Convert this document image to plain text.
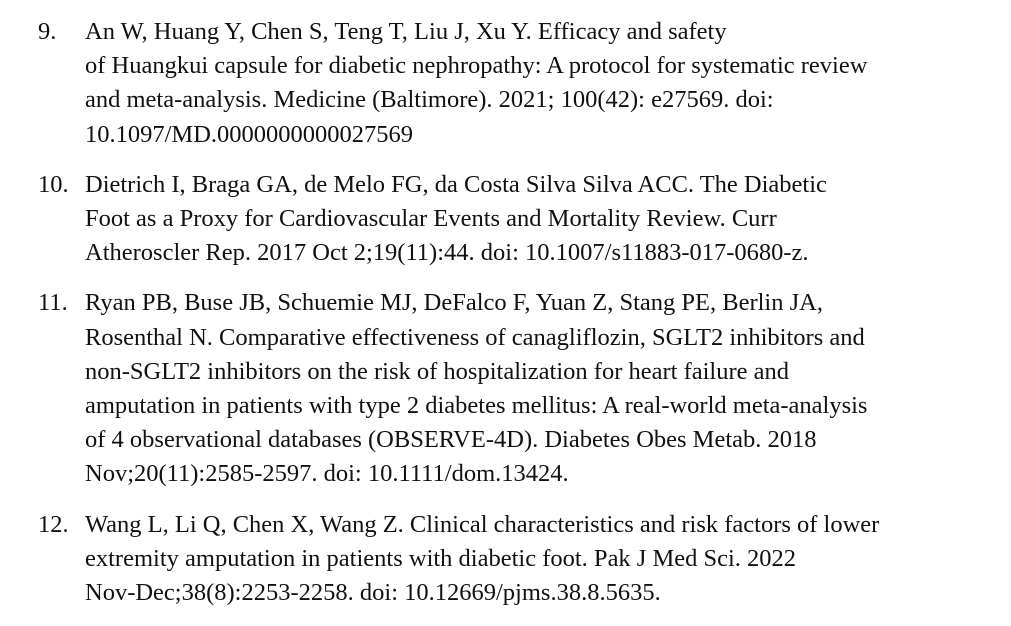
9. An W, Huang Y, Chen S, Teng T, Liu J, Xu Y. Efficacy and safety
of Huangkui capsule for diabetic nephropathy: A protocol for systematic review
and meta-analysis. Medicine (Baltimore). 2021; 100(42): e27569. doi:
10.1097/MD.0000000000027569
10. Dietrich I, Braga GA, de Melo FG, da Costa Silva Silva ACC. The Diabetic
Foot as a Proxy for Cardiovascular Events and Mortality Review. Curr
Atheroscler Rep. 2017 Oct 2;19(11):44. doi: 10.1007/s11883-017-0680-z.
11. Ryan PB, Buse JB, Schuemie MJ, DeFalco F, Yuan Z, Stang PE, Berlin JA,
Rosenthal N. Comparative effectiveness of canagliflozin, SGLT2 inhibitors and
non-SGLT2 inhibitors on the risk of hospitalization for heart failure and
amputation in patients with type 2 diabetes mellitus: A real-world meta-analysis
of 4 observational databases (OBSERVE-4D). Diabetes Obes Metab. 2018
Nov;20(11):2585-2597. doi: 10.1111/dom.13424.
12. Wang L, Li Q, Chen X, Wang Z. Clinical characteristics and risk factors of lower
extremity amputation in patients with diabetic foot. Pak J Med Sci. 2022
Nov-Dec;38(8):2253-2258. doi: 10.12669/pjms.38.8.5635.
